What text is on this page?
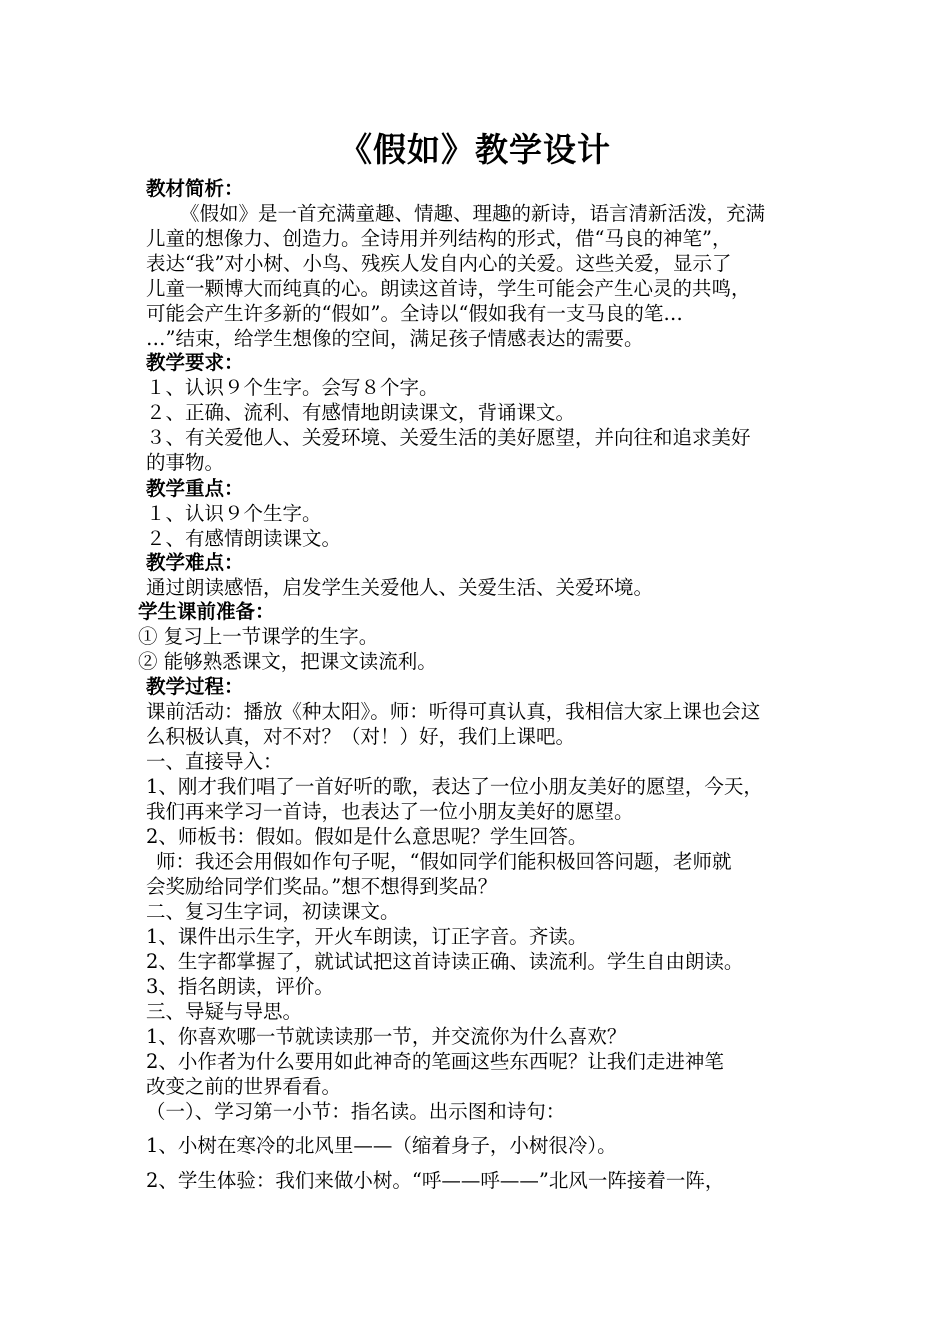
《假如》教学设计
教材简析：
《假如》是一首充满童趣、情趣、理趣的新诗，语言清新活泼，充满
儿童的想像力、创造力。全诗用并列结构的形式，借“马良的神笔”，
表达“我”对小树、小鸟、残疾人发自内心的关爱。这些关爱，显示了
儿童一颗博大而纯真的心。朗读这首诗，学生可能会产生心灵的共鸣，
可能会产生许多新的“假如”。全诗以“假如我有一支马良的笔…
…”结束，给学生想像的空间，满足孩子情感表达的需要。
教学要求：
１、认识９个生字。会写８个字。
２、正确、流利、有感情地朗读课文，背诵课文。
３、有关爱他人、关爱环境、关爱生活的美好愿望，并向往和追求美好
的事物。
教学重点：
１、认识９个生字。
２、有感情朗读课文。
教学难点：
通过朗读感悟，启发学生关爱他人、关爱生活、关爱环境。
学生课前准备：
① 复习上一节课学的生字。
② 能够熟悉课文，把课文读流利。
教学过程：
课前活动：播放《种太阳》。师：听得可真认真，我相信大家上课也会这
么积极认真，对不对？（对！）好，我们上课吧。
一、直接导入：
1、刚才我们唱了一首好听的歌，表达了一位小朋友美好的愿望，今天，
我们再来学习一首诗，也表达了一位小朋友美好的愿望。
2、师板书：假如。假如是什么意思呢？学生回答。
师：我还会用假如作句子呢，“假如同学们能积极回答问题，老师就
会奖励给同学们奖品。”想不想得到奖品？
二、复习生字词，初读课文。
1、课件出示生字，开火车朗读，订正字音。齐读。
2、生字都掌握了，就试试把这首诗读正确、读流利。学生自由朗读。
3、指名朗读，评价。
三、导疑与导思。
1、你喜欢哪一节就读读那一节，并交流你为什么喜欢？
2、小作者为什么要用如此神奇的笔画这些东西呢？让我们走进神笔
改变之前的世界看看。
（一）、学习第一小节：指名读。出示图和诗句：
1、小树在寒冷的北风里——（缩着身子，小树很冷）。
2、学生体验：我们来做小树。“呼——呼——”北风一阵接着一阵，
